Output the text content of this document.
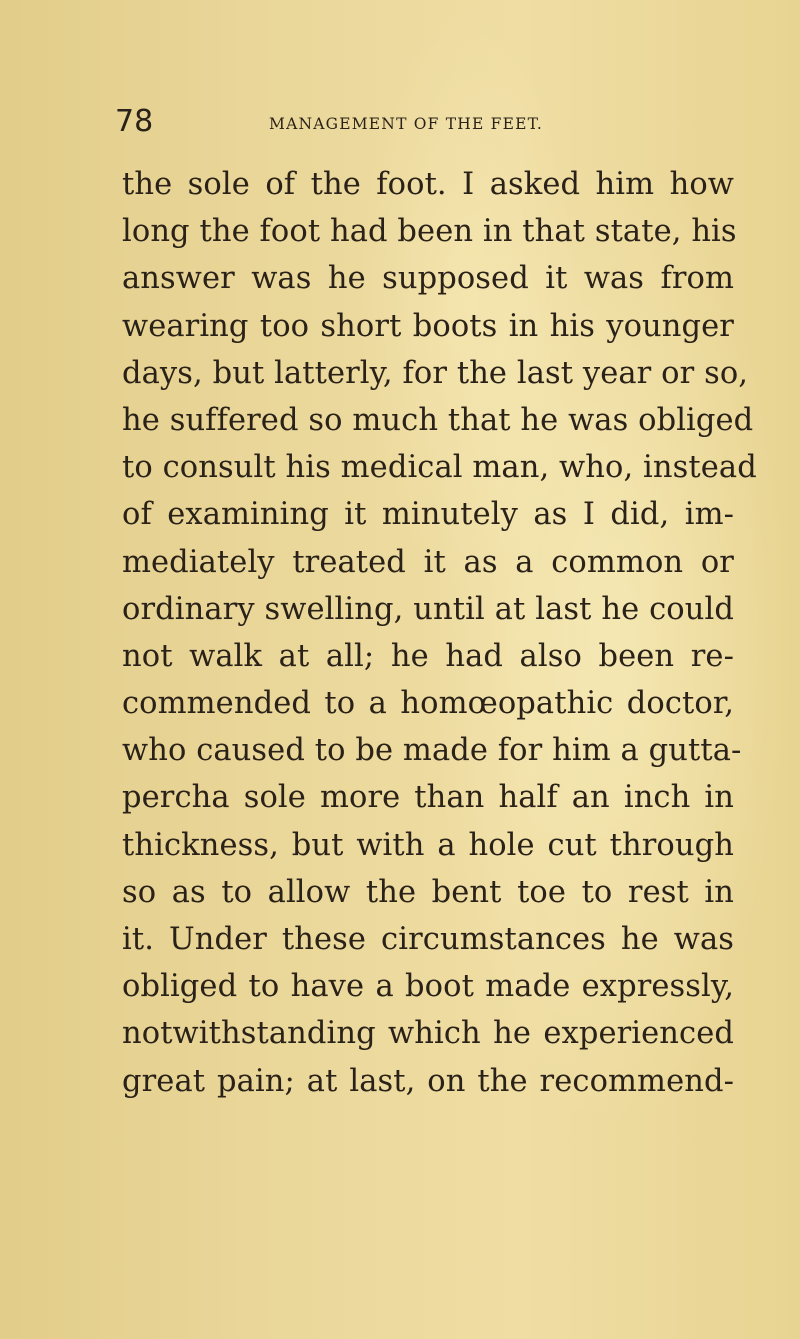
78	MANAGEMENT OF THE FEET.
the sole of the foot. I asked him how
long the foot had been in that state, his
answer was he supposed it was from
wearing too short boots in his younger
days, but latterly, for the last year or so,
he suffered so much that he was obliged
to consult his medical man, who, instead
of examining it minutely as I did, im-
mediately treated it as a common or
ordinary swelling, until at last he could
not walk at all; he had also been re-
commended to a homœopathic doctor,
who caused to be made for him a gutta-
percha sole more than half an inch in
thickness, but with a hole cut through
so as to allow the bent toe to rest in
it. Under these circumstances he was
obliged to have a boot made expressly,
notwithstanding which he experienced
great pain; at last, on the recommend-
